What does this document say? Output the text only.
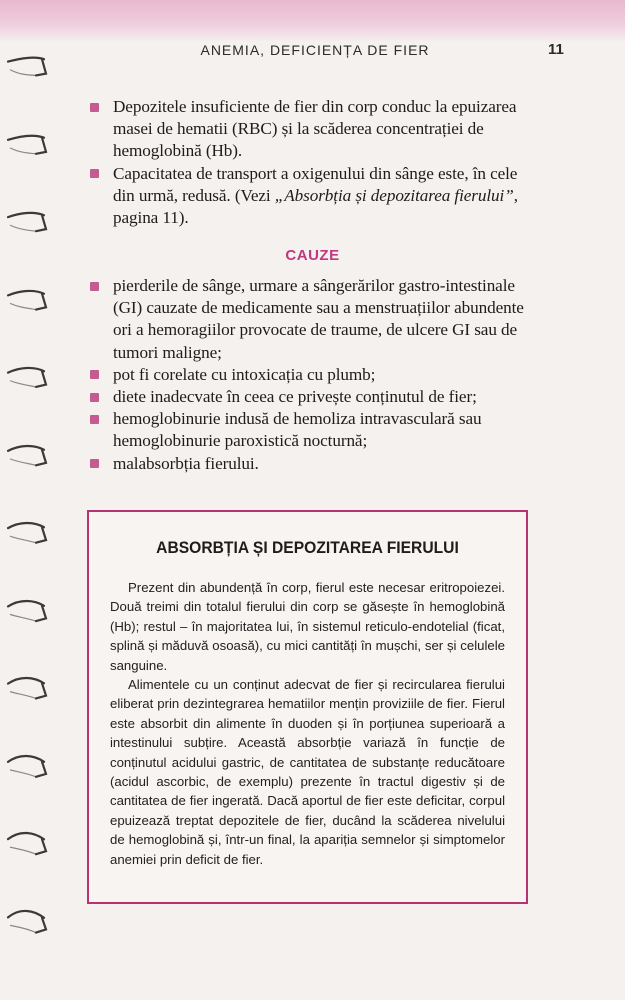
ANEMIA, DEFICIENȚA DE FIER	11
Depozitele insuficiente de fier din corp conduc la epuizarea masei de hematii (RBC) și la scăderea concentrației de hemoglobină (Hb).
Capacitatea de transport a oxigenului din sânge este, în cele din urmă, redusă. (Vezi „Absorbția și depozitarea fierului”, pagina 11).
CAUZE
pierderile de sânge, urmare a sângerărilor gastro-intestinale (GI) cauzate de medicamente sau a menstruațiilor abundente ori a hemoragiilor provocate de traume, de ulcere GI sau de tumori maligne;
pot fi corelate cu intoxicația cu plumb;
diete inadecvate în ceea ce privește conținutul de fier;
hemoglobinurie indusă de hemoliza intravasculară sau hemoglobinurie paroxistică nocturnă;
malabsorbția fierului.
ABSORBȚIA ȘI DEPOZITAREA FIERULUI

Prezent din abundență în corp, fierul este necesar eritropoiezei. Două treimi din totalul fierului din corp se găsește în hemoglobină (Hb); restul – în majoritatea lui, în sistemul reticulo-endotelial (ficat, splină și măduvă osoasă), cu mici cantități în mușchi, ser și celulele sanguine.

Alimentele cu un conținut adecvat de fier și recircularea fierului eliberat prin dezintegrarea hematiilor mențin proviziile de fier. Fierul este absorbit din alimente în duoden și în porțiunea superioară a intestinului subțire. Această absorbție variază în funcție de conținutul acidului gastric, de cantitatea de substanțe reducătoare (acidul ascorbic, de exemplu) prezente în tractul digestiv și de cantitatea de fier ingerată. Dacă aportul de fier este deficitar, corpul epuizează treptat depozitele de fier, ducând la scăderea nivelului de hemoglobină și, într-un final, la apariția semnelor și simptomelor anemiei prin deficit de fier.
